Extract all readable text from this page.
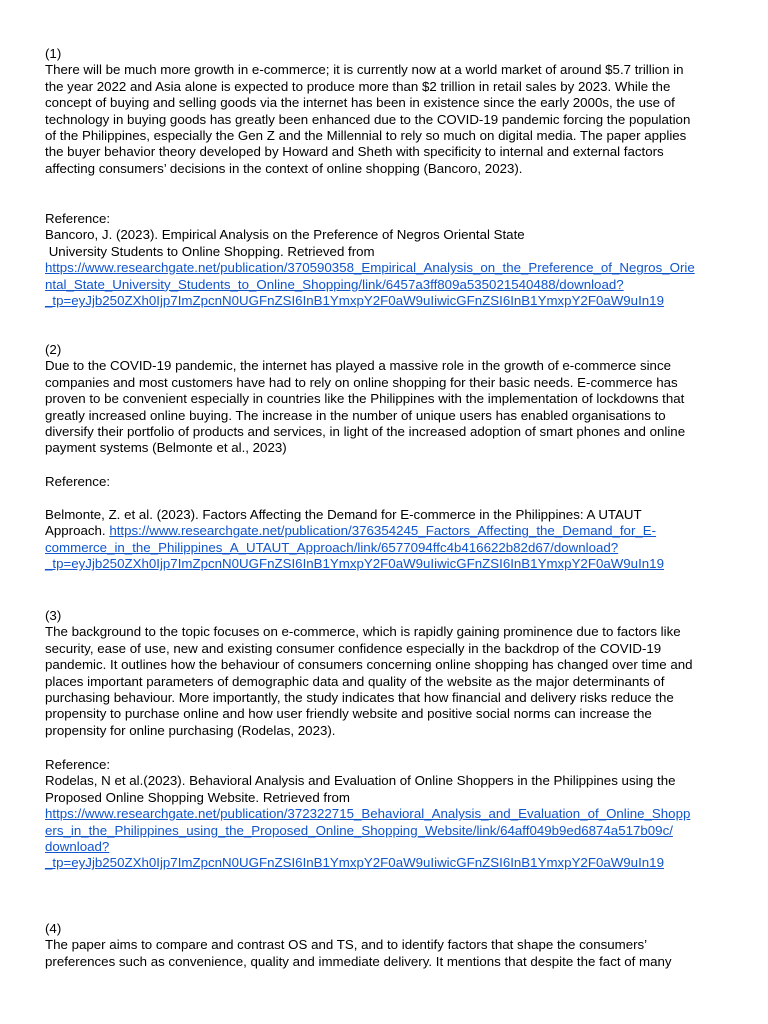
(1)
There will be much more growth in e-commerce; it is currently now at a world market of around $5.7 trillion in
the year 2022 and Asia alone is expected to produce more than $2 trillion in retail sales by 2023. While the
concept of buying and selling goods via the internet has been in existence since the early 2000s, the use of
technology in buying goods has greatly been enhanced due to the COVID-19 pandemic forcing the population
of the Philippines, especially the Gen Z and the Millennial to rely so much on digital media. The paper applies
the buyer behavior theory developed by Howard and Sheth with specificity to internal and external factors
affecting consumers’ decisions in the context of online shopping (Bancoro, 2023).
Reference:
Bancoro, J. (2023). Empirical Analysis on the Preference of Negros Oriental State
University Students to Online Shopping. Retrieved from
https://www.researchgate.net/publication/370590358_Empirical_Analysis_on_the_Preference_of_Negros_Orie
ntal_State_University_Students_to_Online_Shopping/link/6457a3ff809a535021540488/download?
_tp=eyJjb250ZXh0Ijp7ImZpcnN0UGFnZSI6InB1YmxpY2F0aW9uIiwicGFnZSI6InB1YmxpY2F0aW9uIn19
(2)
Due to the COVID-19 pandemic, the internet has played a massive role in the growth of e-commerce since
companies and most customers have had to rely on online shopping for their basic needs. E-commerce has
proven to be convenient especially in countries like the Philippines with the implementation of lockdowns that
greatly increased online buying. The increase in the number of unique users has enabled organisations to
diversify their portfolio of products and services, in light of the increased adoption of smart phones and online
payment systems (Belmonte et al., 2023)
Reference:
Belmonte, Z. et al. (2023). Factors Affecting the Demand for E-commerce in the Philippines: A UTAUT
Approach. https://www.researchgate.net/publication/376354245_Factors_Affecting_the_Demand_for_E-
commerce_in_the_Philippines_A_UTAUT_Approach/link/6577094ffc4b416622b82d67/download?
_tp=eyJjb250ZXh0Ijp7ImZpcnN0UGFnZSI6InB1YmxpY2F0aW9uIiwicGFnZSI6InB1YmxpY2F0aW9uIn19
(3)
The background to the topic focuses on e-commerce, which is rapidly gaining prominence due to factors like
security, ease of use, new and existing consumer confidence especially in the backdrop of the COVID-19
pandemic. It outlines how the behaviour of consumers concerning online shopping has changed over time and
places important parameters of demographic data and quality of the website as the major determinants of
purchasing behaviour. More importantly, the study indicates that how financial and delivery risks reduce the
propensity to purchase online and how user friendly website and positive social norms can increase the
propensity for online purchasing (Rodelas, 2023).
Reference:
Rodelas, N et al.(2023). Behavioral Analysis and Evaluation of Online Shoppers in the Philippines using the
Proposed Online Shopping Website. Retrieved from
https://www.researchgate.net/publication/372322715_Behavioral_Analysis_and_Evaluation_of_Online_Shopp
ers_in_the_Philippines_using_the_Proposed_Online_Shopping_Website/link/64aff049b9ed6874a517b09c/
download?
_tp=eyJjb250ZXh0Ijp7ImZpcnN0UGFnZSI6InB1YmxpY2F0aW9uIiwicGFnZSI6InB1YmxpY2F0aW9uIn19
(4)
The paper aims to compare and contrast OS and TS, and to identify factors that shape the consumers’
preferences such as convenience, quality and immediate delivery. It mentions that despite the fact of many
